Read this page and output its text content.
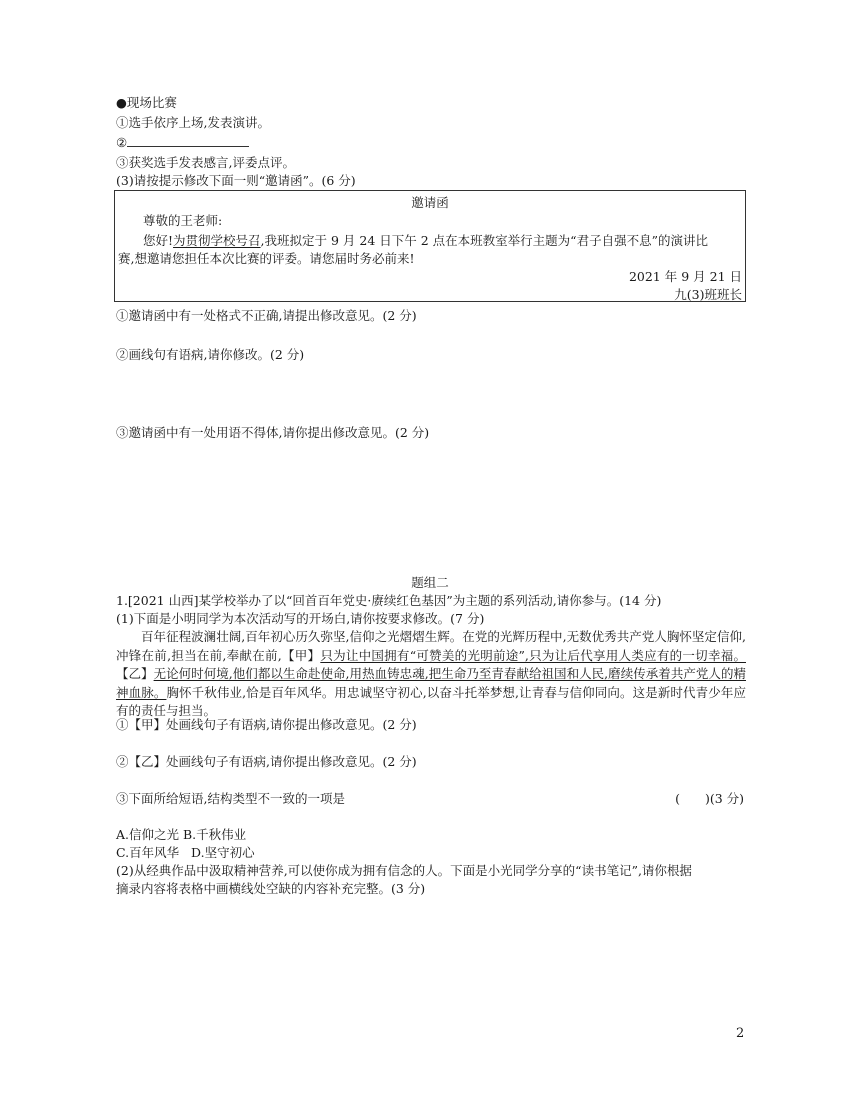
●现场比赛
①选手依序上场,发表演讲。
②
③获奖选手发表感言,评委点评。
(3)请按提示修改下面一则“邀请函”。(6 分)
邀请函
尊敬的王老师:
您好!为贯彻学校号召,我班拟定于 9 月 24 日下午 2 点在本班教室举行主题为“君子自强不息”的演讲比
赛,想邀请您担任本次比赛的评委。请您届时务必前来!
2021 年 9 月 21 日
九(3)班班长
①邀请函中有一处格式不正确,请提出修改意见。(2 分)
②画线句有语病,请你修改。(2 分)
③邀请函中有一处用语不得体,请你提出修改意见。(2 分)
题组二
1.[2021 山西]某学校举办了以“回首百年党史·赓续红色基因”为主题的系列活动,请你参与。(14 分)
(1)下面是小明同学为本次活动写的开场白,请你按要求修改。(7 分)
百年征程波澜壮阔,百年初心历久弥坚,信仰之光熠熠生辉。在党的光辉历程中,无数优秀共产党人胸怀坚定信仰,冲锋在前,担当在前,奉献在前,【甲】只为让中国拥有“可赞美的光明前途”,只为让后代享用人类应有的一切幸福。【乙】无论何时何境,他们都以生命赴使命,用热血铸忠魂,把生命乃至青春献给祖国和人民,磨续传承着共产党人的精神血脉。胸怀千秋伟业,恰是百年风华。用忠诚坚守初心,以奋斗托举梦想,让青春与信仰同向。这是新时代青少年应有的责任与担当。
①【甲】处画线句子有语病,请你提出修改意见。(2 分)
②【乙】处画线句子有语病,请你提出修改意见。(2 分)
③下面所给短语,结构类型不一致的一项是	(　　)(3 分)
A.信仰之光 B.千秋伟业
C.百年风华 D.坚守初心
(2)从经典作品中汲取精神营养,可以使你成为拥有信念的人。下面是小光同学分享的“读书笔记”,请你根据
摘录内容将表格中画横线处空缺的内容补充完整。(3 分)
2
